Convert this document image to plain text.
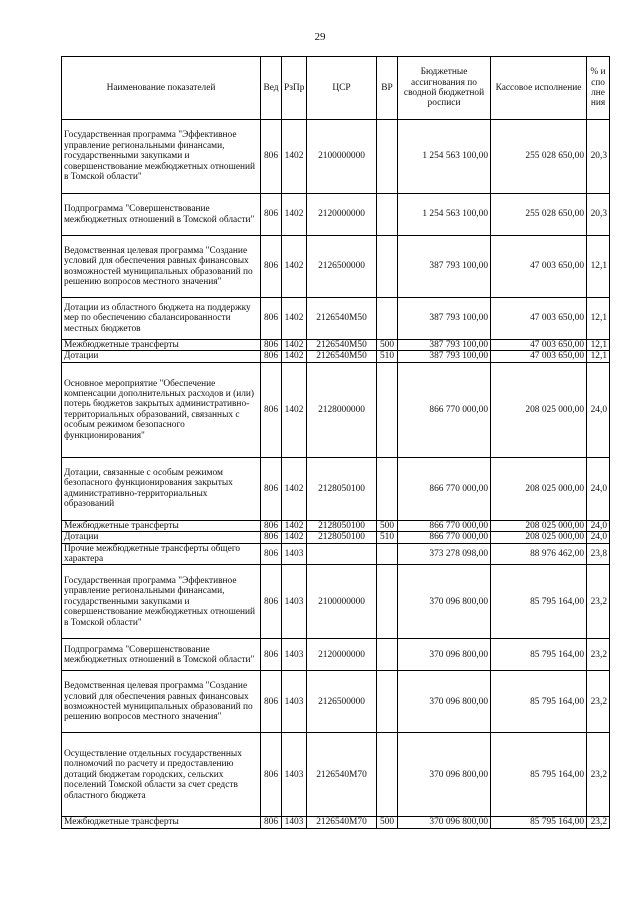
29
Наименование показателей	Вед	РзПр	ЦСР	ВР	Бюджетные ассигнования по сводной бюджетной росписи	Кассовое исполнение	% исполнения
Государственная программа "Эффективное управление региональными финансами, государственными закупками и совершенствование межбюджетных отношений в Томской области"	806	1402	2100000000		1 254 563 100,00	255 028 650,00	20,3
Подпрограмма "Совершенствование межбюджетных отношений в Томской области"	806	1402	2120000000		1 254 563 100,00	255 028 650,00	20,3
Ведомственная целевая программа "Создание условий для обеспечения равных финансовых возможностей муниципальных образований по решению вопросов местного значения"	806	1402	2126500000		387 793 100,00	47 003 650,00	12,1
Дотации из областного бюджета на поддержку мер по обеспечению сбалансированности местных бюджетов	806	1402	2126540М50		387 793 100,00	47 003 650,00	12,1
Межбюджетные трансферты	806	1402	2126540М50	500	387 793 100,00	47 003 650,00	12,1
Дотации	806	1402	2126540М50	510	387 793 100,00	47 003 650,00	12,1
Основное мероприятие "Обеспечение компенсации дополнительных расходов и (или) потерь бюджетов закрытых административно-территориальных образований, связанных с особым режимом безопасного функционирования"	806	1402	2128000000		866 770 000,00	208 025 000,00	24,0
Дотации, связанные с особым режимом безопасного функционирования закрытых административно-территориальных образований	806	1402	2128050100		866 770 000,00	208 025 000,00	24,0
Межбюджетные трансферты	806	1402	2128050100	500	866 770 000,00	208 025 000,00	24,0
Дотации	806	1402	2128050100	510	866 770 000,00	208 025 000,00	24,0
Прочие межбюджетные трансферты общего характера	806	1403			373 278 098,00	88 976 462,00	23,8
Государственная программа "Эффективное управление региональными финансами, государственными закупками и совершенствование межбюджетных отношений в Томской области"	806	1403	2100000000		370 096 800,00	85 795 164,00	23,2
Подпрограмма "Совершенствование межбюджетных отношений в Томской области"	806	1403	2120000000		370 096 800,00	85 795 164,00	23,2
Ведомственная целевая программа "Создание условий для обеспечения равных финансовых возможностей муниципальных образований по решению вопросов местного значения"	806	1403	2126500000		370 096 800,00	85 795 164,00	23,2
Осуществление отдельных государственных полномочий по расчету и предоставлению дотаций бюджетам городских, сельских поселений Томской области за счет средств областного бюджета	806	1403	2126540М70		370 096 800,00	85 795 164,00	23,2
Межбюджетные трансферты	806	1403	2126540М70	500	370 096 800,00	85 795 164,00	23,2
